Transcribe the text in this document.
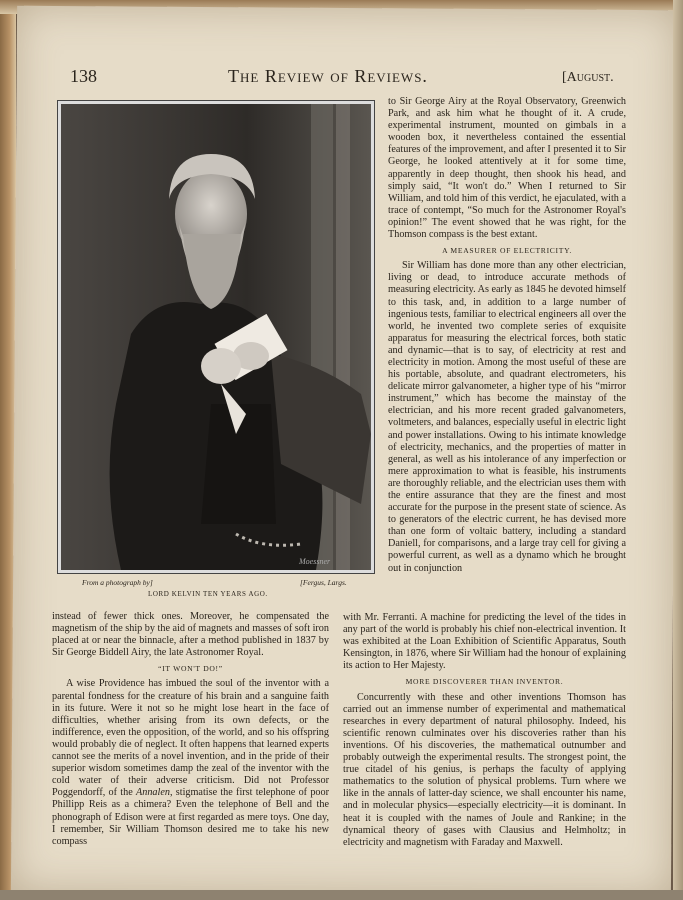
138	The Review of Reviews.	[August.
Moessner
From a photograph by]	[Fergus, Largs.
LORD KELVIN TEN YEARS AGO.

to Sir George Airy at the Royal Observatory, Greenwich Park, and ask him what he thought of it. A crude, experimental instrument, mounted on gimbals in a wooden box, it nevertheless contained the essential features of the improvement, and after I presented it to Sir George, he looked attentively at it for some time, apparently in deep thought, then shook his head, and simply said, “It won't do.” When I returned to Sir William, and told him of this verdict, he ejaculated, with a trace of contempt, “So much for the Astronomer Royal's opinion!” The event showed that he was right, for the Thomson compass is the best extant.

A MEASURER OF ELECTRICITY.

Sir William has done more than any other electrician, living or dead, to introduce accurate methods of measuring electricity. As early as 1845 he devoted himself to this task, and, in addition to a large number of ingenious tests, familiar to electrical engineers all over the world, he invented two complete series of exquisite apparatus for measuring the electrical forces, both static and dynamic—that is to say, of electricity at rest and electricity in motion. Among the most useful of these are his portable, absolute, and quadrant electrometers, his delicate mirror galvanometer, a higher type of his “mirror instrument,” which has become the mainstay of the electrician, and his more recent graded galvanometers, voltmeters, and balances, especially useful in electric light and power installations. Owing to his intimate knowledge of electricity, mechanics, and the properties of matter in general, as well as his intolerance of any imperfection or mere approximation to what is feasible, his instruments are thoroughly reliable, and the electrician uses them with the entire assurance that they are the finest and most accurate for the purpose in the present state of science. As to generators of the electric current, he has devised more than one form of voltaic battery, including a standard Daniell, for comparisons, and a large tray cell for giving a powerful current, as well as a dynamo which he brought out in conjunction

instead of fewer thick ones. Moreover, he compensated the magnetism of the ship by the aid of magnets and masses of soft iron placed at or near the binnacle, after a method published in 1837 by Sir George Biddell Airy, the late Astronomer Royal.

“IT WON'T DO!”

A wise Providence has imbued the soul of the inventor with a parental fondness for the creature of his brain and a sanguine faith in its future. Were it not so he might lose heart in the face of difficulties, whether arising from its own defects, or the indifference, even the opposition, of the world, and so his offspring would probably die of neglect. It often happens that learned experts cannot see the merits of a novel invention, and in the pride of their superior wisdom sometimes damp the zeal of the inventor with the cold water of their adverse criticism. Did not Professor Poggendorff, of the Annalen, stigmatise the first telephone of poor Phillipp Reis as a chimera? Even the telephone of Bell and the phonograph of Edison were at first regarded as mere toys. One day, I remember, Sir William Thomson desired me to take his new compass

with Mr. Ferranti. A machine for predicting the level of the tides in any part of the world is probably his chief non-electrical invention. It was exhibited at the Loan Exhibition of Scientific Apparatus, South Kensington, in 1876, where Sir William had the honour of explaining its action to Her Majesty.

MORE DISCOVERER THAN INVENTOR.

Concurrently with these and other inventions Thomson has carried out an immense number of experimental and mathematical researches in every department of natural philosophy. Indeed, his scientific renown culminates over his discoveries rather than his inventions. Of his discoveries, the mathematical outnumber and probably outweigh the experimental results. The strongest point, the true citadel of his genius, is perhaps the faculty of applying mathematics to the solution of physical problems. Turn where we like in the annals of latter-day science, we shall encounter his name, and in molecular physics—especially electricity—it is dominant. In heat it is coupled with the names of Joule and Rankine; in the dynamical theory of gases with Clausius and Helmholtz; in electricity and magnetism with Faraday and Maxwell.
